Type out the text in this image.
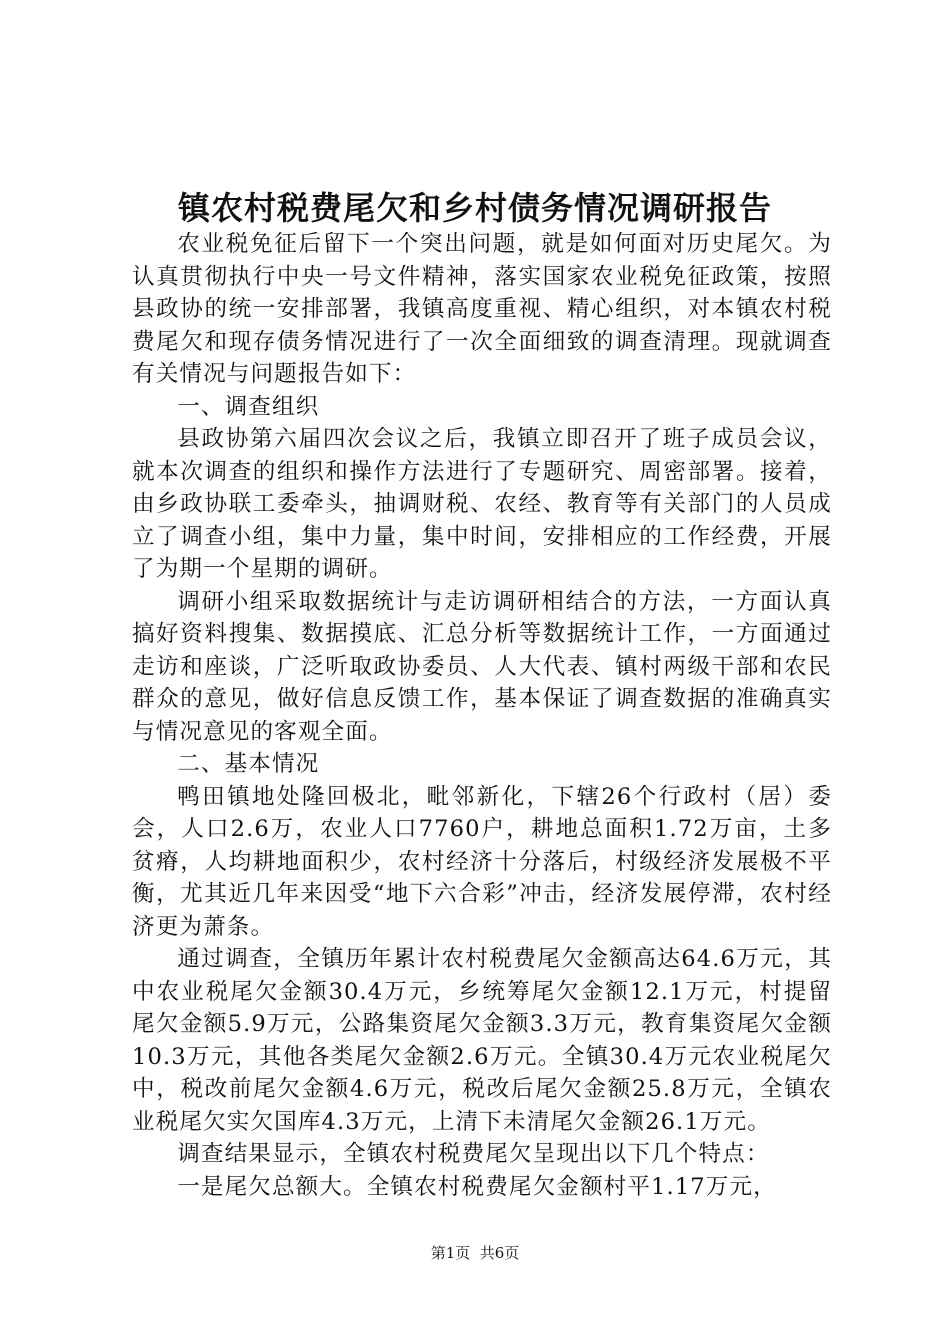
镇农村税费尾欠和乡村债务情况调研报告

农业税免征后留下一个突出问题，就是如何面对历史尾欠。为认真贯彻执行中央一号文件精神，落实国家农业税免征政策，按照县政协的统一安排部署，我镇高度重视、精心组织，对本镇农村税费尾欠和现存债务情况进行了一次全面细致的调查清理。现就调查有关情况与问题报告如下：

一、调查组织

县政协第六届四次会议之后，我镇立即召开了班子成员会议，就本次调查的组织和操作方法进行了专题研究、周密部署。接着，由乡政协联工委牵头，抽调财税、农经、教育等有关部门的人员成立了调查小组，集中力量，集中时间，安排相应的工作经费，开展了为期一个星期的调研。

调研小组采取数据统计与走访调研相结合的方法，一方面认真搞好资料搜集、数据摸底、汇总分析等数据统计工作，一方面通过走访和座谈，广泛听取政协委员、人大代表、镇村两级干部和农民群众的意见，做好信息反馈工作，基本保证了调查数据的准确真实与情况意见的客观全面。

二、基本情况

鸭田镇地处隆回极北，毗邻新化，下辖26个行政村（居）委会，人口2.6万，农业人口7760户，耕地总面积1.72万亩，土多贫瘠，人均耕地面积少，农村经济十分落后，村级经济发展极不平衡，尤其近几年来因受“地下六合彩”冲击，经济发展停滞，农村经济更为萧条。

通过调查，全镇历年累计农村税费尾欠金额高达64.6万元，其中农业税尾欠金额30.4万元，乡统筹尾欠金额12.1万元，村提留尾欠金额5.9万元，公路集资尾欠金额3.3万元，教育集资尾欠金额10.3万元，其他各类尾欠金额2.6万元。全镇30.4万元农业税尾欠中，税改前尾欠金额4.6万元，税改后尾欠金额25.8万元，全镇农业税尾欠实欠国库4.3万元，上清下未清尾欠金额26.1万元。

调查结果显示，全镇农村税费尾欠呈现出以下几个特点：

一是尾欠总额大。全镇农村税费尾欠金额村平1.17万元，

第1页  共6页
